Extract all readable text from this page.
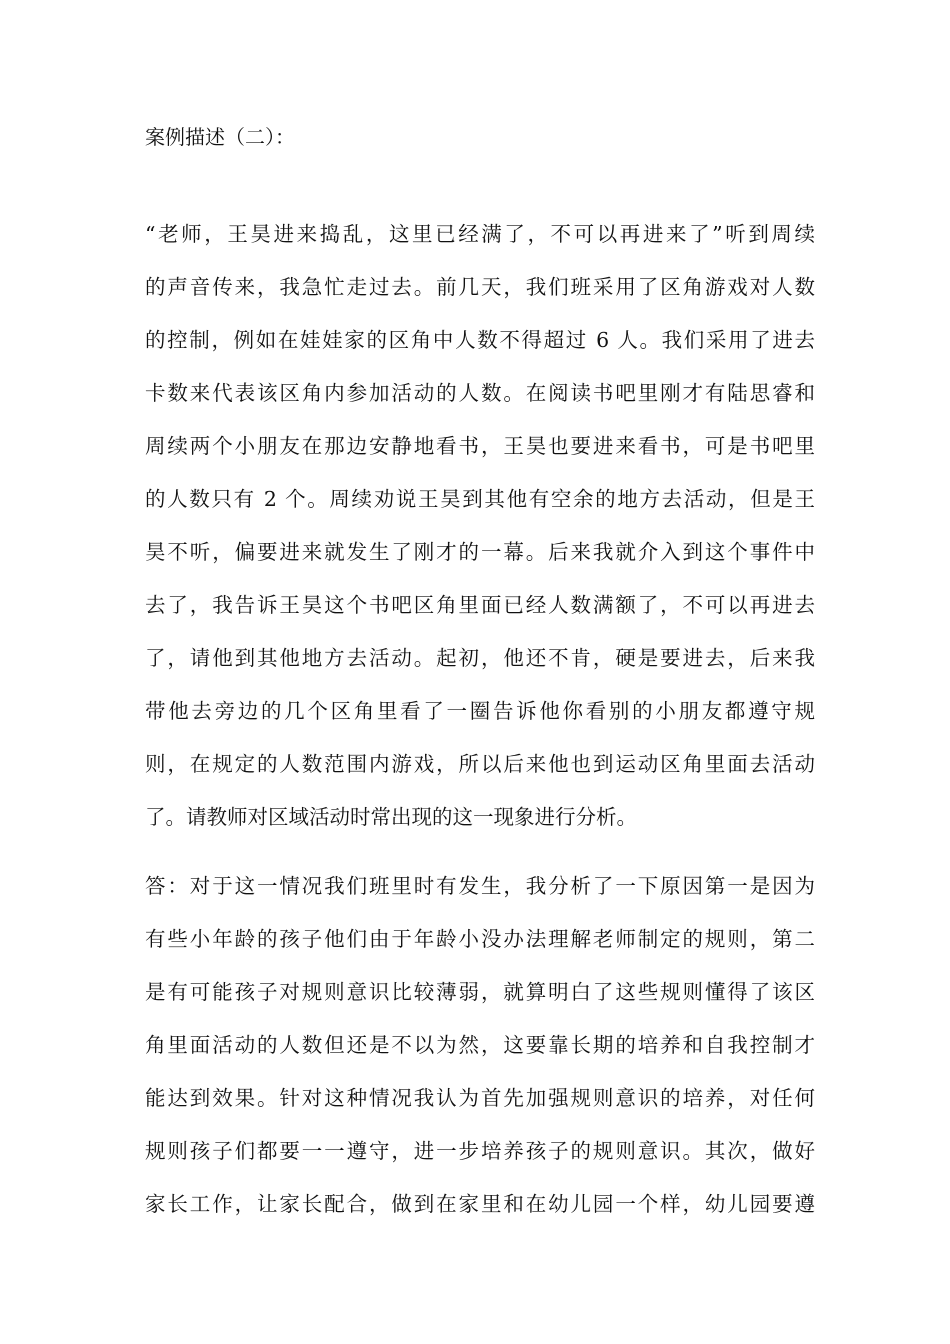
案例描述（二）：
“老师，王昊进来捣乱，这里已经满了，不可以再进来了”听到周续
的声音传来，我急忙走过去。前几天，我们班采用了区角游戏对人数
的控制，例如在娃娃家的区角中人数不得超过 6 人。我们采用了进去
卡数来代表该区角内参加活动的人数。在阅读书吧里刚才有陆思睿和
周续两个小朋友在那边安静地看书，王昊也要进来看书，可是书吧里
的人数只有 2 个。周续劝说王昊到其他有空余的地方去活动，但是王
昊不听，偏要进来就发生了刚才的一幕。后来我就介入到这个事件中
去了，我告诉王昊这个书吧区角里面已经人数满额了，不可以再进去
了，请他到其他地方去活动。起初，他还不肯，硬是要进去，后来我
带他去旁边的几个区角里看了一圈告诉他你看别的小朋友都遵守规
则，在规定的人数范围内游戏，所以后来他也到运动区角里面去活动
了。请教师对区域活动时常出现的这一现象进行分析。
答：对于这一情况我们班里时有发生，我分析了一下原因第一是因为
有些小年龄的孩子他们由于年龄小没办法理解老师制定的规则，第二
是有可能孩子对规则意识比较薄弱，就算明白了这些规则懂得了该区
角里面活动的人数但还是不以为然，这要靠长期的培养和自我控制才
能达到效果。针对这种情况我认为首先加强规则意识的培养，对任何
规则孩子们都要一一遵守，进一步培养孩子的规则意识。其次，做好
家长工作，让家长配合，做到在家里和在幼儿园一个样，幼儿园要遵
